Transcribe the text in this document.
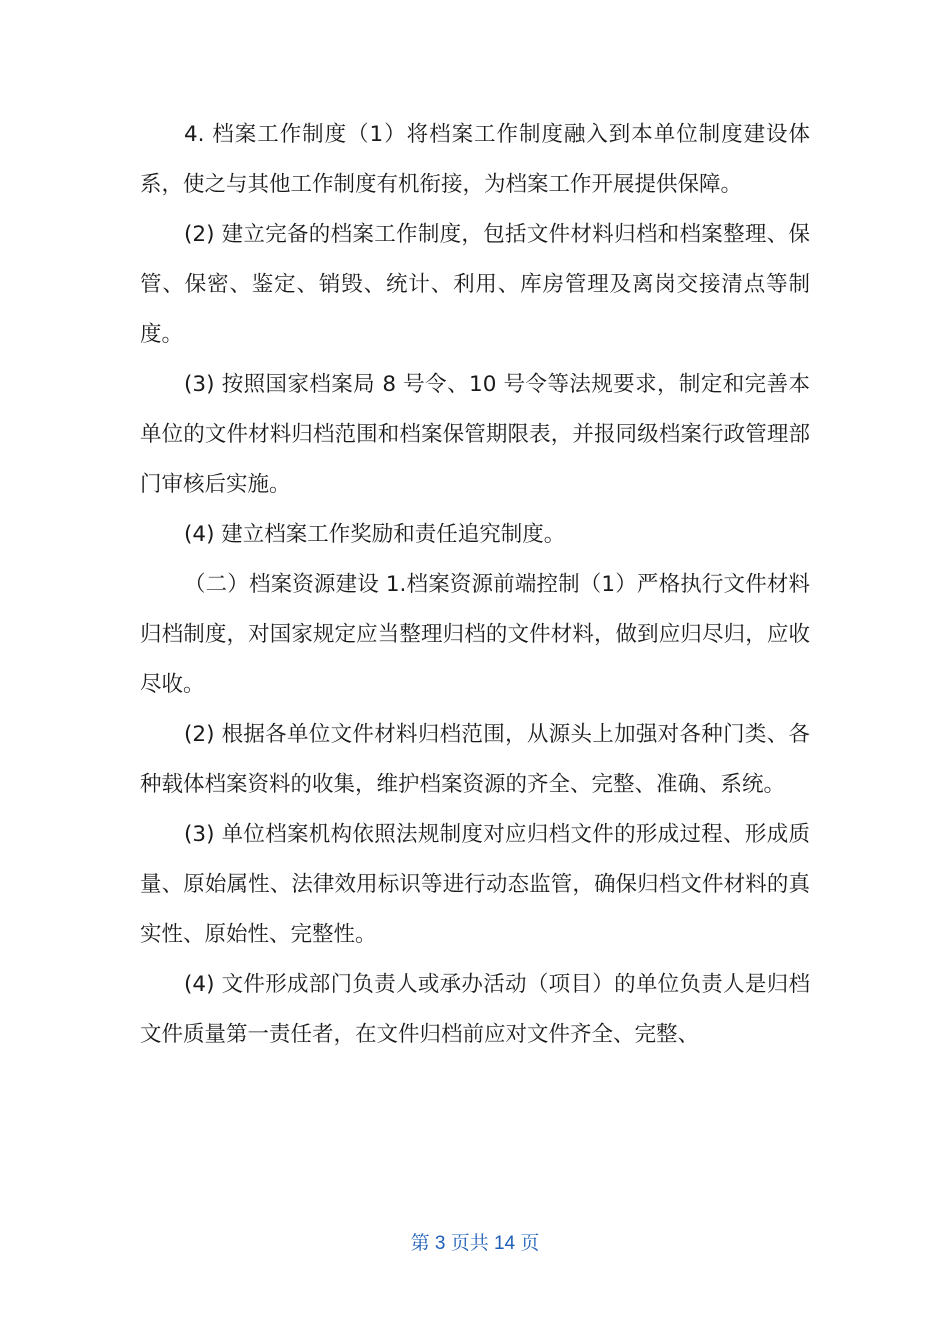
4. 档案工作制度（1）将档案工作制度融入到本单位制度建设体系，使之与其他工作制度有机衔接，为档案工作开展提供保障。

(2) 建立完备的档案工作制度，包括文件材料归档和档案整理、保管、保密、鉴定、销毁、统计、利用、库房管理及离岗交接清点等制度。

(3) 按照国家档案局 8 号令、10 号令等法规要求，制定和完善本单位的文件材料归档范围和档案保管期限表，并报同级档案行政管理部门审核后实施。

(4) 建立档案工作奖励和责任追究制度。

（二）档案资源建设 1.档案资源前端控制（1）严格执行文件材料归档制度，对国家规定应当整理归档的文件材料，做到应归尽归，应收尽收。

(2) 根据各单位文件材料归档范围，从源头上加强对各种门类、各种载体档案资料的收集，维护档案资源的齐全、完整、准确、系统。

(3) 单位档案机构依照法规制度对应归档文件的形成过程、形成质量、原始属性、法律效用标识等进行动态监管，确保归档文件材料的真实性、原始性、完整性。

(4) 文件形成部门负责人或承办活动（项目）的单位负责人是归档文件质量第一责任者，在文件归档前应对文件齐全、完整、

第 3 页共 14 页
